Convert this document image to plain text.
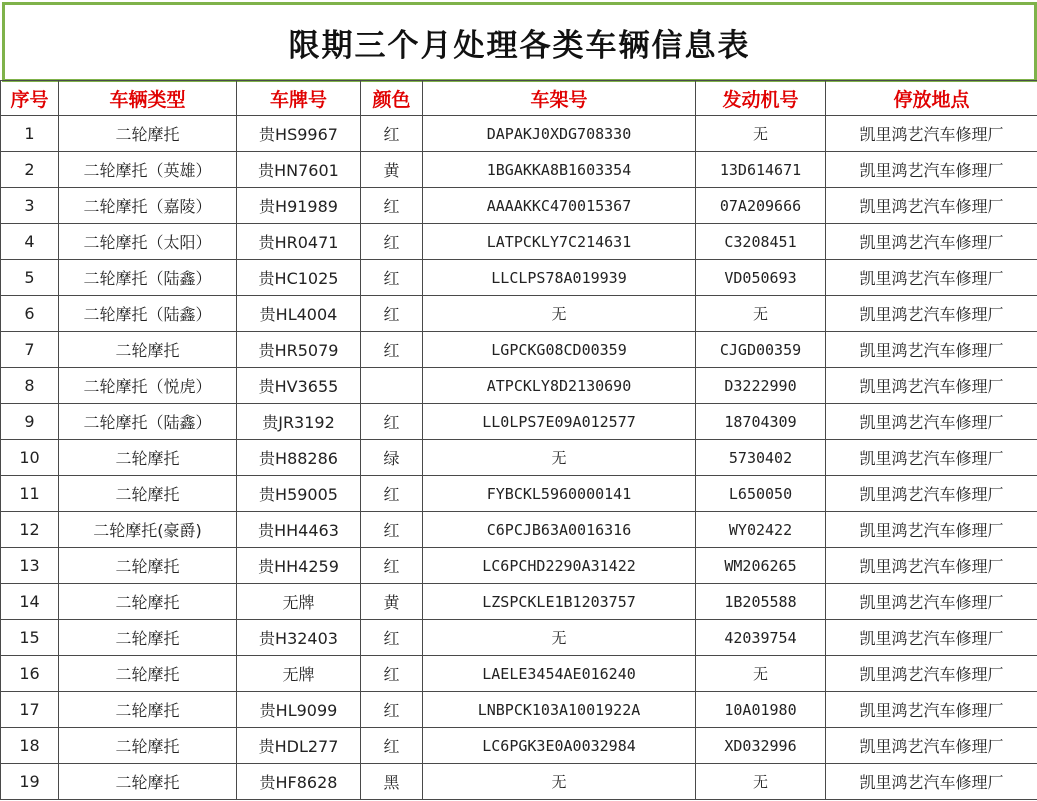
限期三个月处理各类车辆信息表
序号	车辆类型	车牌号	颜色	车架号	发动机号	停放地点
1	二轮摩托	贵HS9967	红	DAPAKJ0XDG708330	无	凯里鸿艺汽车修理厂
2	二轮摩托（英雄）	贵HN7601	黄	1BGAKKA8B1603354	13D614671	凯里鸿艺汽车修理厂
3	二轮摩托（嘉陵）	贵H91989	红	AAAAKKC470015367	07A209666	凯里鸿艺汽车修理厂
4	二轮摩托（太阳）	贵HR0471	红	LATPCKLY7C214631	C3208451	凯里鸿艺汽车修理厂
5	二轮摩托（陆鑫）	贵HC1025	红	LLCLPS78A019939	VD050693	凯里鸿艺汽车修理厂
6	二轮摩托（陆鑫）	贵HL4004	红	无	无	凯里鸿艺汽车修理厂
7	二轮摩托	贵HR5079	红	LGPCKG08CD00359	CJGD00359	凯里鸿艺汽车修理厂
8	二轮摩托（悦虎）	贵HV3655		ATPCKLY8D2130690	D3222990	凯里鸿艺汽车修理厂
9	二轮摩托（陆鑫）	贵JR3192	红	LL0LPS7E09A012577	18704309	凯里鸿艺汽车修理厂
10	二轮摩托	贵H88286	绿	无	5730402	凯里鸿艺汽车修理厂
11	二轮摩托	贵H59005	红	FYBCKL5960000141	L650050	凯里鸿艺汽车修理厂
12	二轮摩托(豪爵)	贵HH4463	红	C6PCJB63A0016316	WY02422	凯里鸿艺汽车修理厂
13	二轮摩托	贵HH4259	红	LC6PCHD2290A31422	WM206265	凯里鸿艺汽车修理厂
14	二轮摩托	无牌	黄	LZSPCKLE1B1203757	1B205588	凯里鸿艺汽车修理厂
15	二轮摩托	贵H32403	红	无	42039754	凯里鸿艺汽车修理厂
16	二轮摩托	无牌	红	LAELE3454AE016240	无	凯里鸿艺汽车修理厂
17	二轮摩托	贵HL9099	红	LNBPCK103A1001922A	10A01980	凯里鸿艺汽车修理厂
18	二轮摩托	贵HDL277	红	LC6PGK3E0A0032984	XD032996	凯里鸿艺汽车修理厂
19	二轮摩托	贵HF8628	黑	无	无	凯里鸿艺汽车修理厂
